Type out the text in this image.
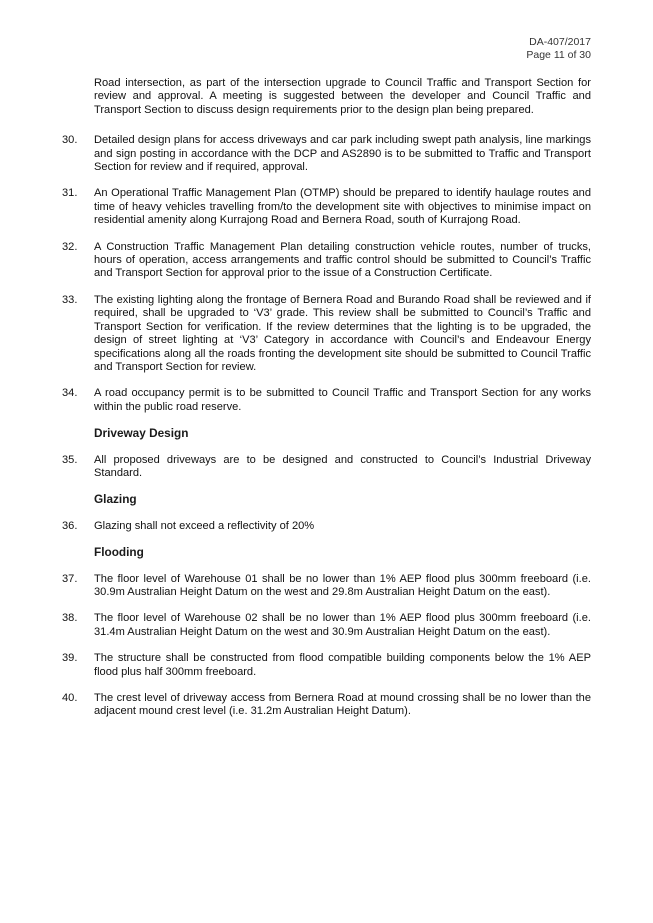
DA-407/2017
Page 11 of 30

Road intersection, as part of the intersection upgrade to Council Traffic and Transport Section for review and approval. A meeting is suggested between the developer and Council Traffic and Transport Section to discuss design requirements prior to the design plan being prepared.

30.	Detailed design plans for access driveways and car park including swept path analysis, line markings and sign posting in accordance with the DCP and AS2890 is to be submitted to Traffic and Transport Section for review and if required, approval.
31.	An Operational Traffic Management Plan (OTMP) should be prepared to identify haulage routes and time of heavy vehicles travelling from/to the development site with objectives to minimise impact on residential amenity along Kurrajong Road and Bernera Road, south of Kurrajong Road.
32.	A Construction Traffic Management Plan detailing construction vehicle routes, number of trucks, hours of operation, access arrangements and traffic control should be submitted to Council’s Traffic and Transport Section for approval prior to the issue of a Construction Certificate.
33.	The existing lighting along the frontage of Bernera Road and Burando Road shall be reviewed and if required, shall be upgraded to ‘V3’ grade. This review shall be submitted to Council’s Traffic and Transport Section for verification. If the review determines that the lighting is to be upgraded, the design of street lighting at ‘V3’ Category in accordance with Council’s and Endeavour Energy specifications along all the roads fronting the development site should be submitted to Council Traffic and Transport Section for review.
34.	A road occupancy permit is to be submitted to Council Traffic and Transport Section for any works within the public road reserve.
Driveway Design
35.	All proposed driveways are to be designed and constructed to Council’s Industrial Driveway Standard.
Glazing
36.	Glazing shall not exceed a reflectivity of 20%
Flooding
37.	The floor level of Warehouse 01 shall be no lower than 1% AEP flood plus 300mm freeboard (i.e. 30.9m Australian Height Datum on the west and 29.8m Australian Height Datum on the east).
38.	The floor level of Warehouse 02 shall be no lower than 1% AEP flood plus 300mm freeboard (i.e. 31.4m Australian Height Datum on the west and 30.9m Australian Height Datum on the east).
39.	The structure shall be constructed from flood compatible building components below the 1% AEP flood plus half 300mm freeboard.
40.	The crest level of driveway access from Bernera Road at mound crossing shall be no lower than the adjacent mound crest level (i.e. 31.2m Australian Height Datum).
